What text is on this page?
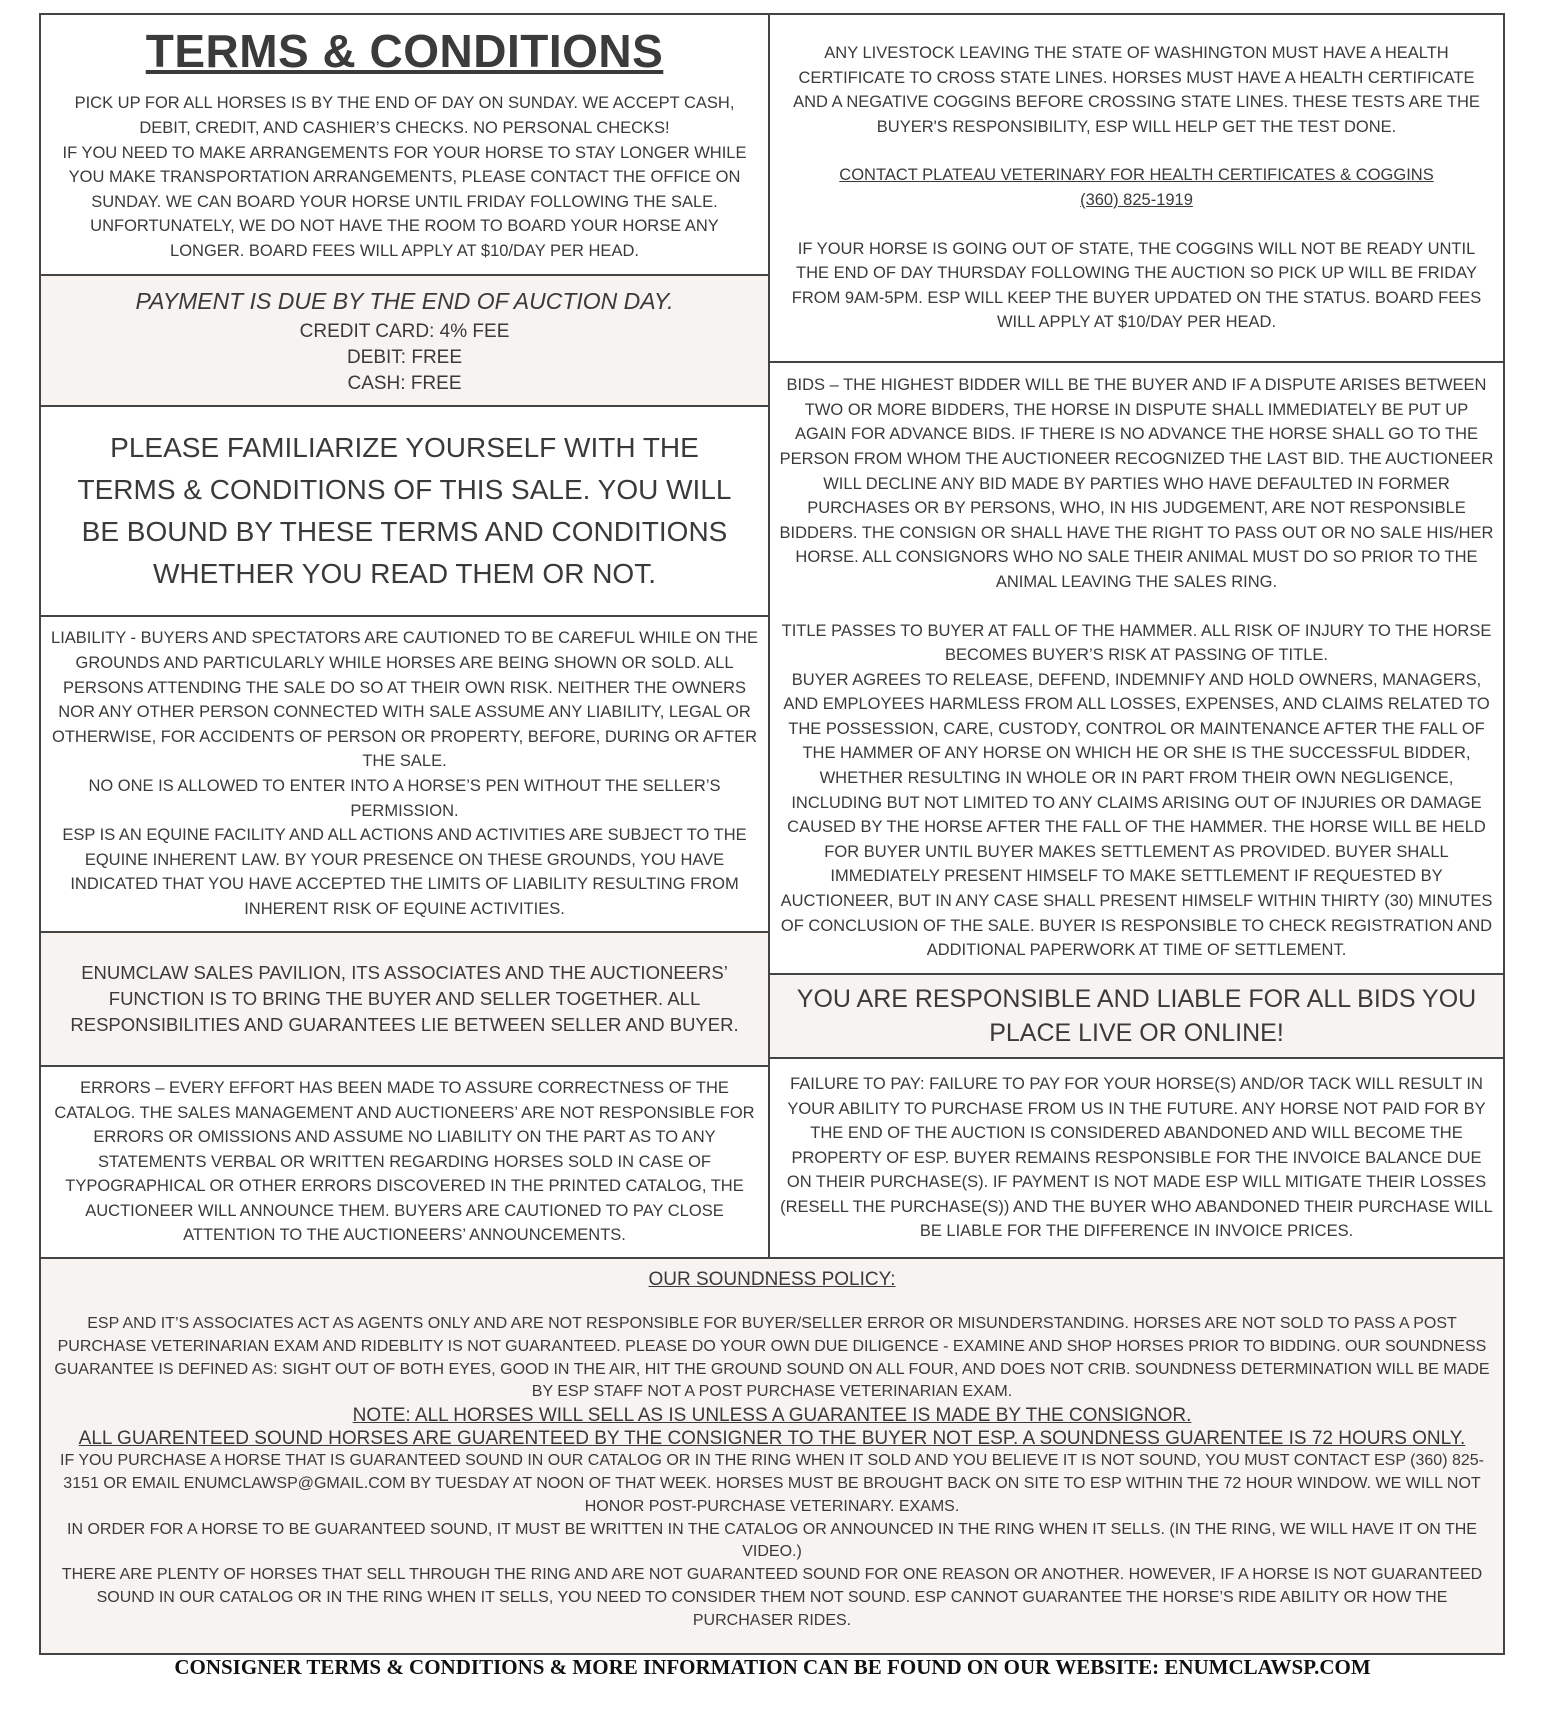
TERMS & CONDITIONS

PICK UP FOR ALL HORSES IS BY THE END OF DAY ON SUNDAY. WE ACCEPT CASH, DEBIT, CREDIT, AND CASHIER’S CHECKS. NO PERSONAL CHECKS!

IF YOU NEED TO MAKE ARRANGEMENTS FOR YOUR HORSE TO STAY LONGER WHILE YOU MAKE TRANSPORTATION ARRANGEMENTS, PLEASE CONTACT THE OFFICE ON SUNDAY. WE CAN BOARD YOUR HORSE UNTIL FRIDAY FOLLOWING THE SALE. UNFORTUNATELY, WE DO NOT HAVE THE ROOM TO BOARD YOUR HORSE ANY LONGER. BOARD FEES WILL APPLY AT $10/DAY PER HEAD.

PAYMENT IS DUE BY THE END OF AUCTION DAY.

CREDIT CARD: 4% FEE

DEBIT: FREE

CASH: FREE

PLEASE FAMILIARIZE YOURSELF WITH THE TERMS & CONDITIONS OF THIS SALE. YOU WILL BE BOUND BY THESE TERMS AND CONDITIONS WHETHER YOU READ THEM OR NOT.

LIABILITY - BUYERS AND SPECTATORS ARE CAUTIONED TO BE CAREFUL WHILE ON THE GROUNDS AND PARTICULARLY WHILE HORSES ARE BEING SHOWN OR SOLD. ALL PERSONS ATTENDING THE SALE DO SO AT THEIR OWN RISK. NEITHER THE OWNERS NOR ANY OTHER PERSON CONNECTED WITH SALE ASSUME ANY LIABILITY, LEGAL OR OTHERWISE, FOR ACCIDENTS OF PERSON OR PROPERTY, BEFORE, DURING OR AFTER THE SALE.

NO ONE IS ALLOWED TO ENTER INTO A HORSE’S PEN WITHOUT THE SELLER’S PERMISSION.

ESP IS AN EQUINE FACILITY AND ALL ACTIONS AND ACTIVITIES ARE SUBJECT TO THE EQUINE INHERENT LAW. BY YOUR PRESENCE ON THESE GROUNDS, YOU HAVE INDICATED THAT YOU HAVE ACCEPTED THE LIMITS OF LIABILITY RESULTING FROM INHERENT RISK OF EQUINE ACTIVITIES.

ENUMCLAW SALES PAVILION, ITS ASSOCIATES AND THE AUCTIONEERS’ FUNCTION IS TO BRING THE BUYER AND SELLER TOGETHER. ALL RESPONSIBILITIES AND GUARANTEES LIE BETWEEN SELLER AND BUYER.

ERRORS – EVERY EFFORT HAS BEEN MADE TO ASSURE CORRECTNESS OF THE CATALOG. THE SALES MANAGEMENT AND AUCTIONEERS’ ARE NOT RESPONSIBLE FOR ERRORS OR OMISSIONS AND ASSUME NO LIABILITY ON THE PART AS TO ANY STATEMENTS VERBAL OR WRITTEN REGARDING HORSES SOLD IN CASE OF TYPOGRAPHICAL OR OTHER ERRORS DISCOVERED IN THE PRINTED CATALOG, THE AUCTIONEER WILL ANNOUNCE THEM. BUYERS ARE CAUTIONED TO PAY CLOSE ATTENTION TO THE AUCTIONEERS’ ANNOUNCEMENTS.

ANY LIVESTOCK LEAVING THE STATE OF WASHINGTON MUST HAVE A HEALTH CERTIFICATE TO CROSS STATE LINES. HORSES MUST HAVE A HEALTH CERTIFICATE AND A NEGATIVE COGGINS BEFORE CROSSING STATE LINES. THESE TESTS ARE THE BUYER'S RESPONSIBILITY, ESP WILL HELP GET THE TEST DONE.

CONTACT PLATEAU VETERINARY FOR HEALTH CERTIFICATES & COGGINS

(360) 825-1919

IF YOUR HORSE IS GOING OUT OF STATE, THE COGGINS WILL NOT BE READY UNTIL THE END OF DAY THURSDAY FOLLOWING THE AUCTION SO PICK UP WILL BE FRIDAY FROM 9AM-5PM. ESP WILL KEEP THE BUYER UPDATED ON THE STATUS. BOARD FEES WILL APPLY AT $10/DAY PER HEAD.

BIDS – THE HIGHEST BIDDER WILL BE THE BUYER AND IF A DISPUTE ARISES BETWEEN TWO OR MORE BIDDERS, THE HORSE IN DISPUTE SHALL IMMEDIATELY BE PUT UP AGAIN FOR ADVANCE BIDS. IF THERE IS NO ADVANCE THE HORSE SHALL GO TO THE PERSON FROM WHOM THE AUCTIONEER RECOGNIZED THE LAST BID. THE AUCTIONEER WILL DECLINE ANY BID MADE BY PARTIES WHO HAVE DEFAULTED IN FORMER PURCHASES OR BY PERSONS, WHO, IN HIS JUDGEMENT, ARE NOT RESPONSIBLE BIDDERS. THE CONSIGN OR SHALL HAVE THE RIGHT TO PASS OUT OR NO SALE HIS/HER HORSE. ALL CONSIGNORS WHO NO SALE THEIR ANIMAL MUST DO SO PRIOR TO THE ANIMAL LEAVING THE SALES RING.

TITLE PASSES TO BUYER AT FALL OF THE HAMMER. ALL RISK OF INJURY TO THE HORSE BECOMES BUYER’S RISK AT PASSING OF TITLE.

BUYER AGREES TO RELEASE, DEFEND, INDEMNIFY AND HOLD OWNERS, MANAGERS, AND EMPLOYEES HARMLESS FROM ALL LOSSES, EXPENSES, AND CLAIMS RELATED TO THE POSSESSION, CARE, CUSTODY, CONTROL OR MAINTENANCE AFTER THE FALL OF THE HAMMER OF ANY HORSE ON WHICH HE OR SHE IS THE SUCCESSFUL BIDDER, WHETHER RESULTING IN WHOLE OR IN PART FROM THEIR OWN NEGLIGENCE, INCLUDING BUT NOT LIMITED TO ANY CLAIMS ARISING OUT OF INJURIES OR DAMAGE CAUSED BY THE HORSE AFTER THE FALL OF THE HAMMER. THE HORSE WILL BE HELD FOR BUYER UNTIL BUYER MAKES SETTLEMENT AS PROVIDED. BUYER SHALL IMMEDIATELY PRESENT HIMSELF TO MAKE SETTLEMENT IF REQUESTED BY AUCTIONEER, BUT IN ANY CASE SHALL PRESENT HIMSELF WITHIN THIRTY (30) MINUTES OF CONCLUSION OF THE SALE. BUYER IS RESPONSIBLE TO CHECK REGISTRATION AND ADDITIONAL PAPERWORK AT TIME OF SETTLEMENT.

YOU ARE RESPONSIBLE AND LIABLE FOR ALL BIDS YOU PLACE LIVE OR ONLINE!

FAILURE TO PAY: FAILURE TO PAY FOR YOUR HORSE(S) AND/OR TACK WILL RESULT IN YOUR ABILITY TO PURCHASE FROM US IN THE FUTURE. ANY HORSE NOT PAID FOR BY THE END OF THE AUCTION IS CONSIDERED ABANDONED AND WILL BECOME THE PROPERTY OF ESP. BUYER REMAINS RESPONSIBLE FOR THE INVOICE BALANCE DUE ON THEIR PURCHASE(S). IF PAYMENT IS NOT MADE ESP WILL MITIGATE THEIR LOSSES (RESELL THE PURCHASE(S)) AND THE BUYER WHO ABANDONED THEIR PURCHASE WILL BE LIABLE FOR THE DIFFERENCE IN INVOICE PRICES.

OUR SOUNDNESS POLICY:

ESP AND IT’S ASSOCIATES ACT AS AGENTS ONLY AND ARE NOT RESPONSIBLE FOR BUYER/SELLER ERROR OR MISUNDERSTANDING. HORSES ARE NOT SOLD TO PASS A POST PURCHASE VETERINARIAN EXAM AND RIDEBLITY IS NOT GUARANTEED. PLEASE DO YOUR OWN DUE DILIGENCE - EXAMINE AND SHOP HORSES PRIOR TO BIDDING. OUR SOUNDNESS GUARANTEE IS DEFINED AS: SIGHT OUT OF BOTH EYES, GOOD IN THE AIR, HIT THE GROUND SOUND ON ALL FOUR, AND DOES NOT CRIB. SOUNDNESS DETERMINATION WILL BE MADE BY ESP STAFF NOT A POST PURCHASE VETERINARIAN EXAM.

NOTE: ALL HORSES WILL SELL AS IS UNLESS A GUARANTEE IS MADE BY THE CONSIGNOR.

ALL GUARENTEED SOUND HORSES ARE GUARENTEED BY THE CONSIGNER TO THE BUYER NOT ESP. A SOUNDNESS GUARENTEE IS 72 HOURS ONLY.

IF YOU PURCHASE A HORSE THAT IS GUARANTEED SOUND IN OUR CATALOG OR IN THE RING WHEN IT SOLD AND YOU BELIEVE IT IS NOT SOUND, YOU MUST CONTACT ESP (360) 825-3151 OR EMAIL ENUMCLAWSP@GMAIL.COM BY TUESDAY AT NOON OF THAT WEEK. HORSES MUST BE BROUGHT BACK ON SITE TO ESP WITHIN THE 72 HOUR WINDOW. WE WILL NOT HONOR POST-PURCHASE VETERINARY. EXAMS.

IN ORDER FOR A HORSE TO BE GUARANTEED SOUND, IT MUST BE WRITTEN IN THE CATALOG OR ANNOUNCED IN THE RING WHEN IT SELLS. (IN THE RING, WE WILL HAVE IT ON THE VIDEO.)

THERE ARE PLENTY OF HORSES THAT SELL THROUGH THE RING AND ARE NOT GUARANTEED SOUND FOR ONE REASON OR ANOTHER. HOWEVER, IF A HORSE IS NOT GUARANTEED SOUND IN OUR CATALOG OR IN THE RING WHEN IT SELLS, YOU NEED TO CONSIDER THEM NOT SOUND. ESP CANNOT GUARANTEE THE HORSE’S RIDE ABILITY OR HOW THE PURCHASER RIDES.

CONSIGNER TERMS & CONDITIONS & MORE INFORMATION CAN BE FOUND ON OUR WEBSITE: ENUMCLAWSP.COM
